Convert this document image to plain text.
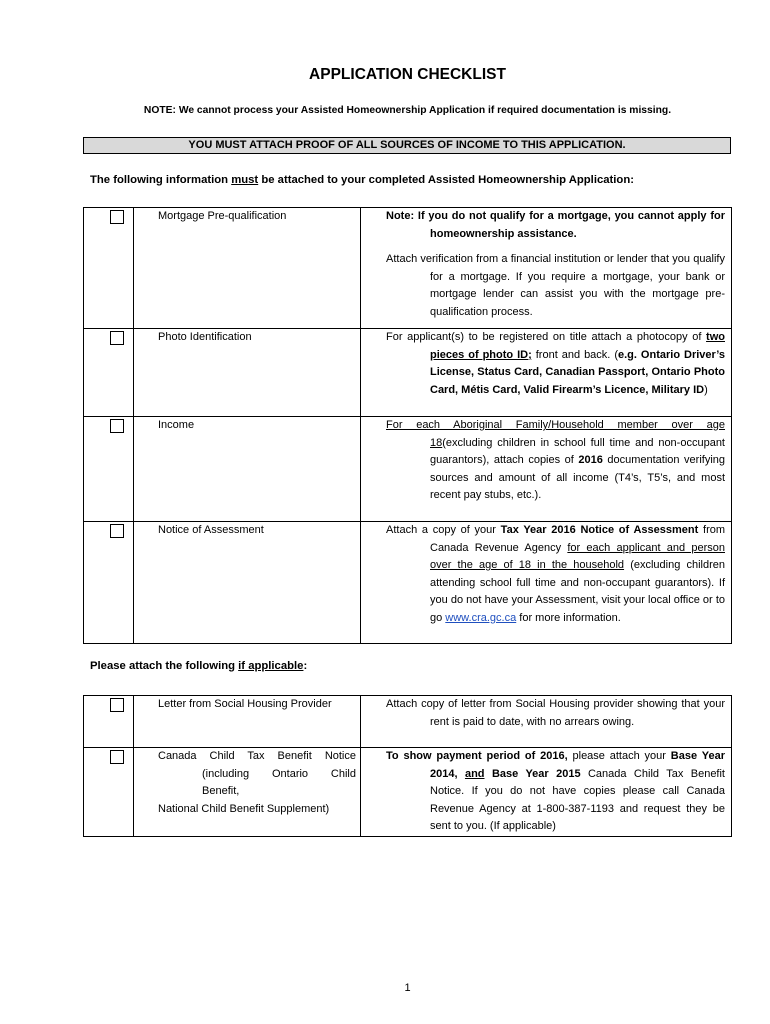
APPLICATION CHECKLIST
NOTE: We cannot process your Assisted Homeownership Application if required documentation is missing.
YOU MUST ATTACH PROOF OF ALL SOURCES OF INCOME TO THIS APPLICATION.
The following information must be attached to your completed Assisted Homeownership Application:
	Mortgage Pre-qualification	Note: If you do not qualify for a mortgage, you cannot apply for homeownership assistance.

Attach verification from a financial institution or lender that you qualify for a mortgage. If you require a mortgage, your bank or mortgage lender can assist you with the mortgage pre-qualification process.

	Photo Identification	For applicant(s) to be registered on title attach a photocopy of two pieces of photo ID; front and back. (e.g. Ontario Driver’s License, Status Card, Canadian Passport, Ontario Photo Card, Métis Card, Valid Firearm’s Licence, Military ID)

	Income	For each Aboriginal Family/Household member over age 18(excluding children in school full time and non-occupant guarantors), attach copies of 2016 documentation verifying sources and amount of all income (T4’s, T5’s, and most recent pay stubs, etc.).

	Notice of Assessment	Attach a copy of your Tax Year 2016 Notice of Assessment from Canada Revenue Agency for each applicant and person over the age of 18 in the household (excluding children attending school full time and non-occupant guarantors). If you do not have your Assessment, visit your local office or to go www.cra.gc.ca for more information.

Please attach the following if applicable:

	Letter from Social Housing Provider	Attach copy of letter from Social Housing provider showing that your rent is paid to date, with no arrears owing.

	Canada Child Tax Benefit Notice (including Ontario Child Benefit,

National Child Benefit Supplement)	To show payment period of 2016, please attach your Base Year 2014, and Base Year 2015 Canada Child Tax Benefit Notice. If you do not have copies please call Canada Revenue Agency at 1-800-387-1193 and request they be sent to you. (If applicable)

1
